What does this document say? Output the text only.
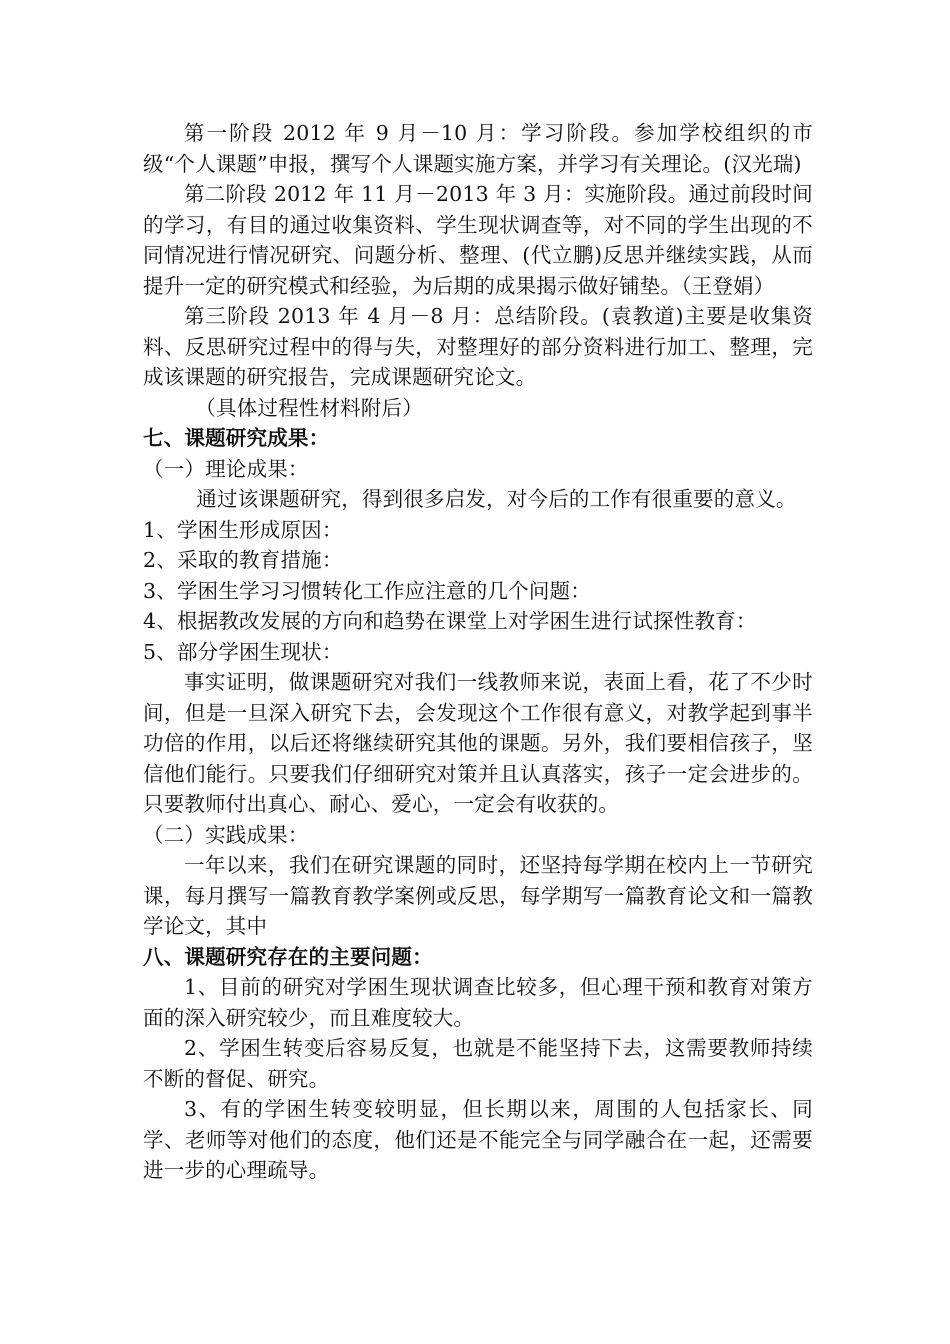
第一阶段 2012 年 9 月－10 月：学习阶段。参加学校组织的市级“个人课题”申报，撰写个人课题实施方案，并学习有关理论。(汉光瑞)

第二阶段 2012 年 11 月－2013 年 3 月：实施阶段。通过前段时间的学习，有目的通过收集资料、学生现状调查等，对不同的学生出现的不同情况进行情况研究、问题分析、整理、(代立鹏)反思并继续实践，从而提升一定的研究模式和经验，为后期的成果揭示做好铺垫。（王登娟）

第三阶段 2013 年 4 月－8 月：总结阶段。(袁教道)主要是收集资料、反思研究过程中的得与失，对整理好的部分资料进行加工、整理，完成该课题的研究报告，完成课题研究论文。

（具体过程性材料附后）

七、课题研究成果：

（一）理论成果：

通过该课题研究，得到很多启发，对今后的工作有很重要的意义。

1、学困生形成原因：

2、采取的教育措施：

3、学困生学习习惯转化工作应注意的几个问题：

4、根据教改发展的方向和趋势在课堂上对学困生进行试探性教育：

5、部分学困生现状：

事实证明，做课题研究对我们一线教师来说，表面上看，花了不少时间，但是一旦深入研究下去，会发现这个工作很有意义，对教学起到事半功倍的作用，以后还将继续研究其他的课题。另外，我们要相信孩子，坚信他们能行。只要我们仔细研究对策并且认真落实，孩子一定会进步的。只要教师付出真心、耐心、爱心，一定会有收获的。

（二）实践成果：

一年以来，我们在研究课题的同时，还坚持每学期在校内上一节研究课，每月撰写一篇教育教学案例或反思，每学期写一篇教育论文和一篇教学论文，其中

八、课题研究存在的主要问题：

1、目前的研究对学困生现状调查比较多，但心理干预和教育对策方面的深入研究较少，而且难度较大。

2、学困生转变后容易反复，也就是不能坚持下去，这需要教师持续不断的督促、研究。

3、有的学困生转变较明显，但长期以来，周围的人包括家长、同学、老师等对他们的态度，他们还是不能完全与同学融合在一起，还需要进一步的心理疏导。
